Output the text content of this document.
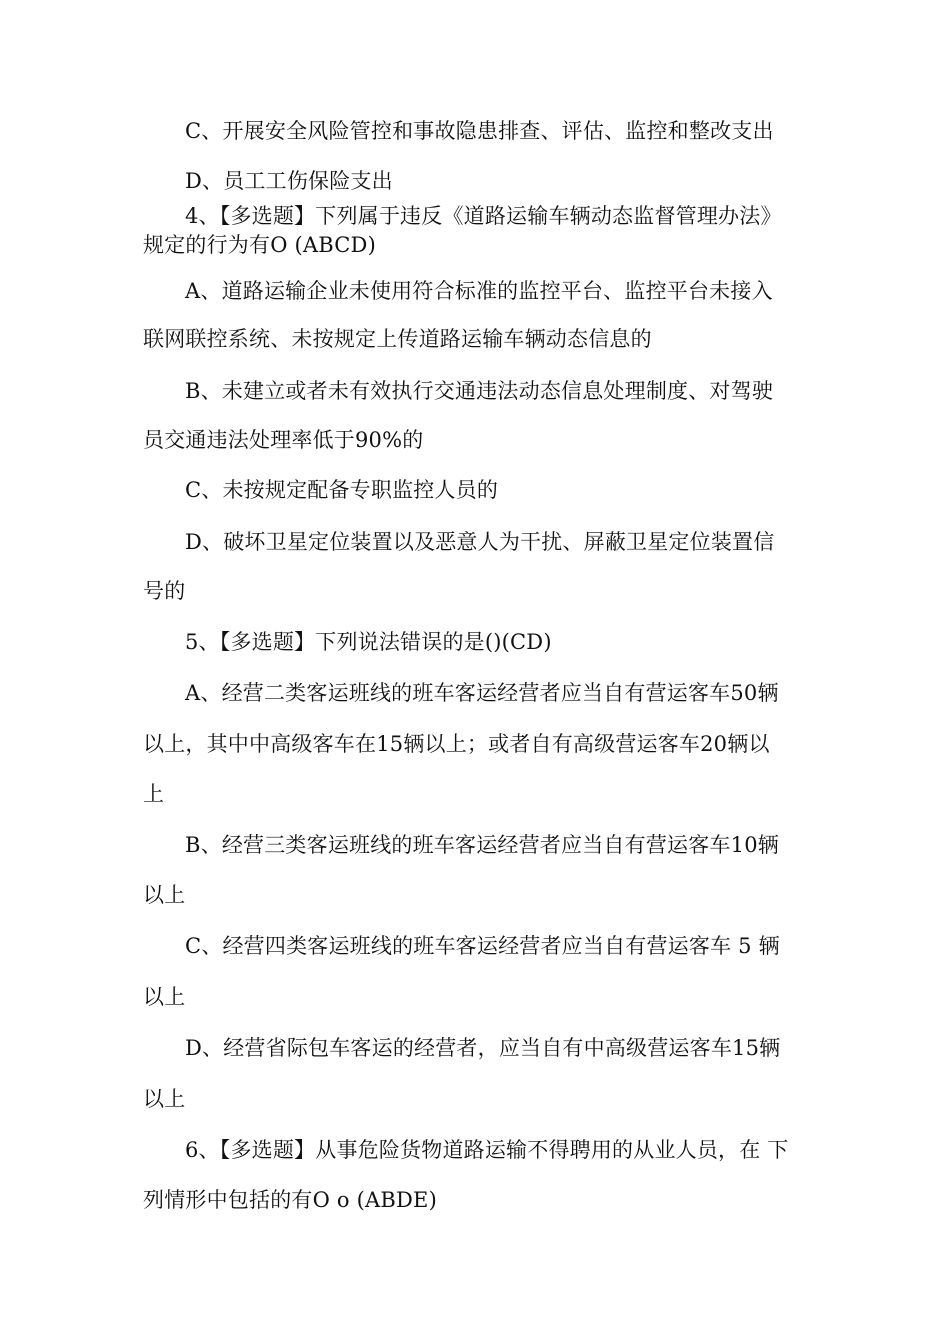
C、开展安全风险管控和事故隐患排查、评估、监控和整改支出
D、员工工伤保险支出
4、【多选题】下列属于违反《道路运输车辆动态监督管理办法》
规定的行为有O (ABCD)
A、道路运输企业未使用符合标准的监控平台、监控平台未接入
联网联控系统、未按规定上传道路运输车辆动态信息的
B、未建立或者未有效执行交通违法动态信息处理制度、对驾驶
员交通违法处理率低于90%的
C、未按规定配备专职监控人员的
D、破坏卫星定位装置以及恶意人为干扰、屏蔽卫星定位装置信
号的
5、【多选题】下列说法错误的是()(CD)
A、经营二类客运班线的班车客运经营者应当自有营运客车50辆
以上，其中中高级客车在15辆以上；或者自有高级营运客车20辆以
上
B、经营三类客运班线的班车客运经营者应当自有营运客车10辆
以上
C、经营四类客运班线的班车客运经营者应当自有营运客车 5 辆
以上
D、经营省际包车客运的经营者，应当自有中高级营运客车15辆
以上
6、【多选题】从事危险货物道路运输不得聘用的从业人员，在 下
列情形中包括的有O o (ABDE)
